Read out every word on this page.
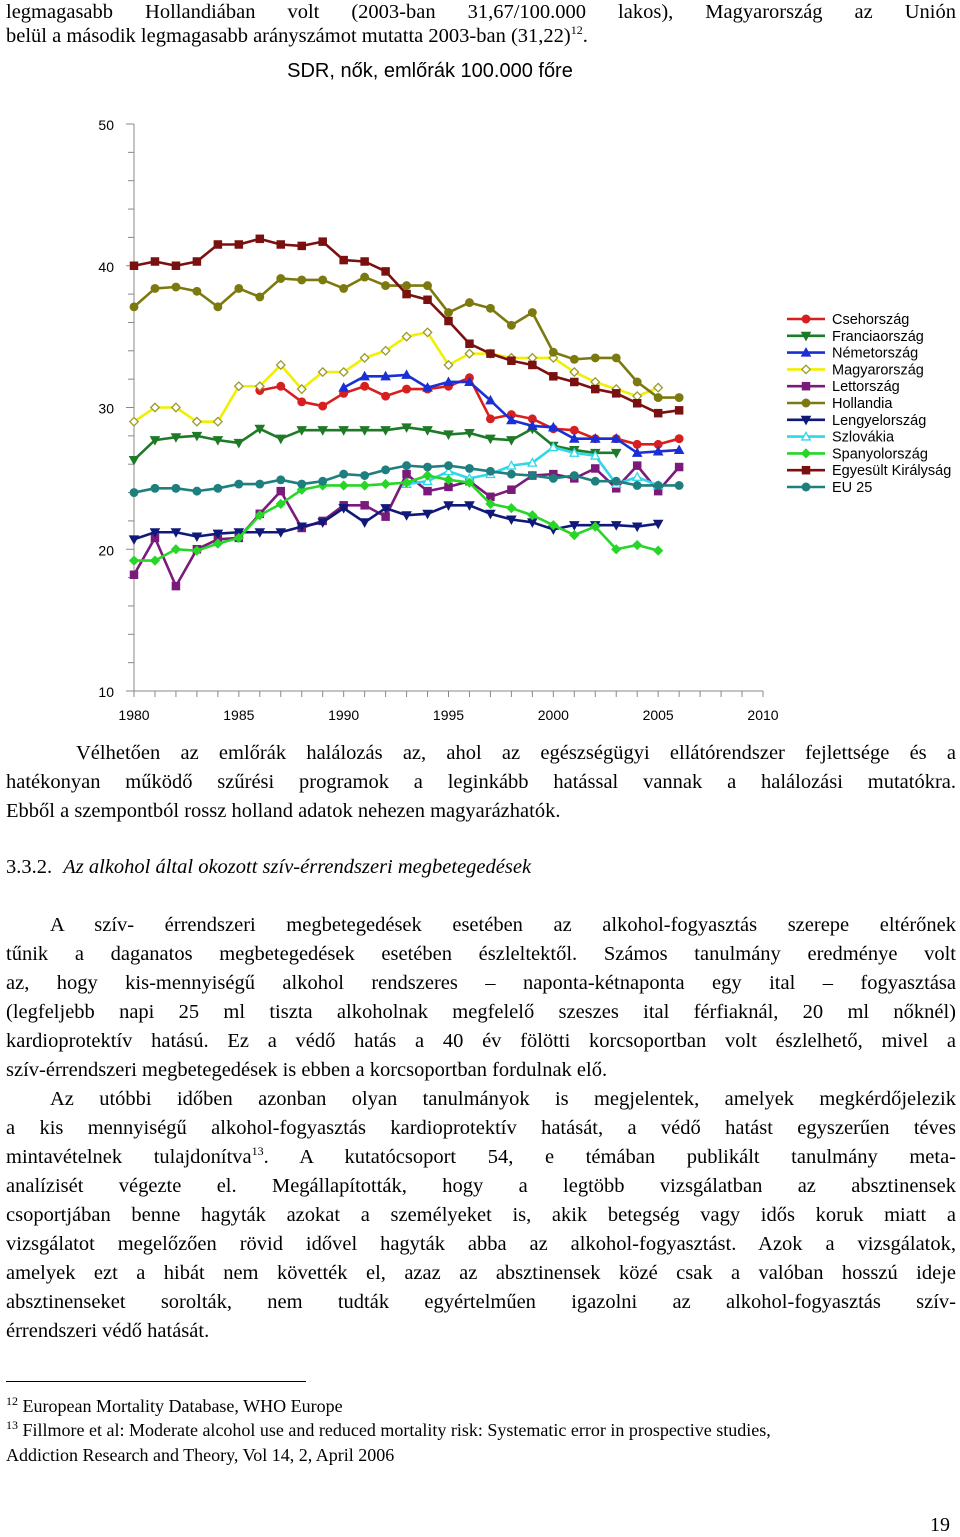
legmagasabb Hollandiában volt (2003-ban 31,67/100.000 lakos), Magyarország az Unión
belül a második legmagasabb arányszámot mutatta 2003-ban $(31,22)^{12}$.
SDR, nők, emlőrák 100.000 főre
10
20
30
40
50
1980	1985	1990	1995	2000	2005	2010
Csehország
Franciaország
Németország
Magyarország
Lettország
Hollandia
Lengyelország
Szlovákia
Spanyolország
Egyesült Királyság
EU 25
Vélhetően az emlőrák halálozás az, ahol az egészségügyi ellátórendszer fejlettsége és a
hatékonyan működő szűrési programok a leginkább hatással vannak a halálozási mutatókra.
Ebből a szempontból rossz holland adatok nehezen magyarázhatók.
3.3.2. Az alkohol által okozott szív-érrendszeri megbetegedések
A szív- érrendszeri megbetegedések esetében az alkohol-fogyasztás szerepe eltérőnek
tűnik a daganatos megbetegedések esetében észleltektől. Számos tanulmány eredménye volt
az, hogy kis-mennyiségű alkohol rendszeres – naponta-kétnaponta egy ital – fogyasztása
(legfeljebb napi 25 ml tiszta alkoholnak megfelelő szeszes ital férfiaknál, 20 ml nőknél)
kardioprotektív hatású. Ez a védő hatás a 40 év fölötti korcsoportban volt észlelhető, mivel a
szív-érrendszeri megbetegedések is ebben a korcsoportban fordulnak elő.
Az utóbbi időben azonban olyan tanulmányok is megjelentek, amelyek megkérdőjelezik
a kis mennyiségű alkohol-fogyasztás kardioprotektív hatását, a védő hatást egyszerűen téves
mintavételnek tulajdonítva$^{13}$. A kutatócsoport 54, e témában publikált tanulmány meta-
analízisét végezte el. Megállapították, hogy a legtöbb vizsgálatban az absztinensek
csoportjában benne hagyták azokat a személyeket is, akik betegség vagy idős koruk miatt a
vizsgálatot megelőzően rövid idővel hagyták abba az alkohol-fogyasztást. Azok a vizsgálatok,
amelyek ezt a hibát nem követték el, azaz az absztinensek közé csak a valóban hosszú ideje
absztinenseket sorolták, nem tudták egyértelműen igazolni az alkohol-fogyasztás szív-
érrendszeri védő hatását.
$^{12}$ European Mortality Database, WHO Europe
$^{13}$ Fillmore et al: Moderate alcohol use and reduced mortality risk: Systematic error in prospective studies,
Addiction Research and Theory, Vol 14, 2, April 2006
19
